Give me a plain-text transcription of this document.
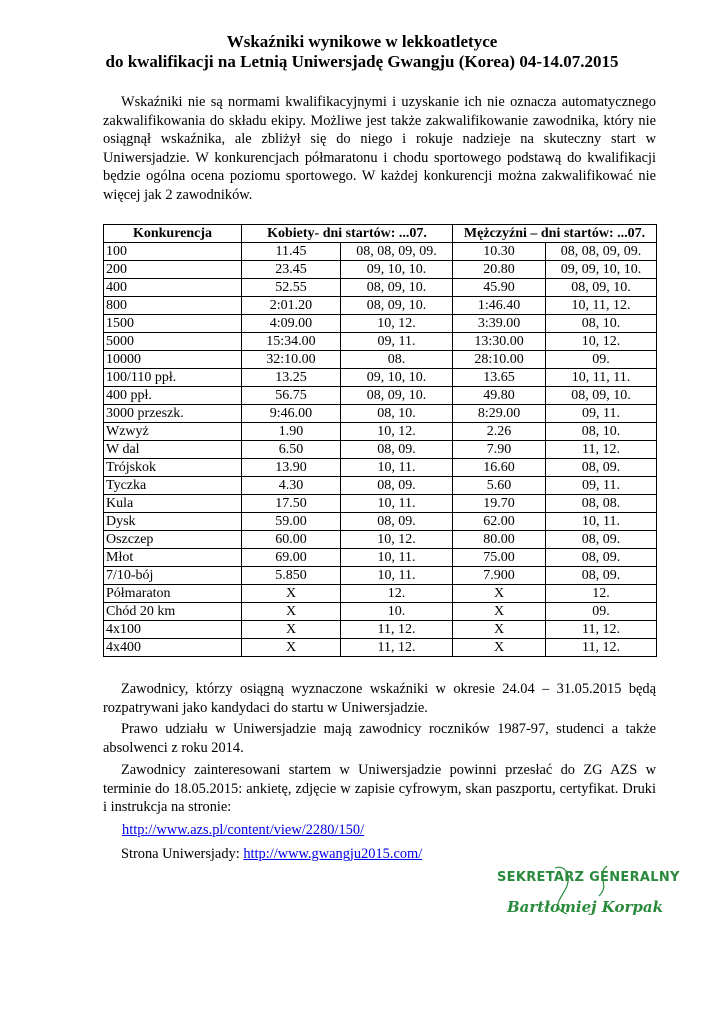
Wskaźniki wynikowe w lekkoatletyce
do kwalifikacji na Letnią Uniwersjadę Gwangju (Korea) 04-14.07.2015

Wskaźniki nie są normami kwalifikacyjnymi i uzyskanie ich nie oznacza automatycznego zakwalifikowania do składu ekipy. Możliwe jest także zakwalifikowanie zawodnika, który nie osiągnął wskaźnika, ale zbliżył się do niego i rokuje nadzieje na skuteczny start w Uniwersjadzie. W konkurencjach półmaratonu i chodu sportowego podstawą do kwalifikacji będzie ogólna ocena poziomu sportowego. W każdej konkurencji można zakwalifikować nie więcej jak 2 zawodników.

Konkurencja	Kobiety- dni startów: ...07.		Mężczyźni – dni startów: ...07.	
100	11.45	08, 08, 09, 09.	10.30	08, 08, 09, 09.
200	23.45	09, 10, 10.	20.80	09, 09, 10, 10.
400	52.55	08, 09, 10.	45.90	08, 09, 10.
800	2:01.20	08, 09, 10.	1:46.40	10, 11, 12.
1500	4:09.00	10, 12.	3:39.00	08, 10.
5000	15:34.00	09, 11.	13:30.00	10, 12.
10000	32:10.00	08.	28:10.00	09.
100/110 ppł.	13.25	09, 10, 10.	13.65	10, 11, 11.
400 ppł.	56.75	08, 09, 10.	49.80	08, 09, 10.
3000 przeszk.	9:46.00	08, 10.	8:29.00	09, 11.
Wzwyż	1.90	10, 12.	2.26	08, 10.
W dal	6.50	08, 09.	7.90	11, 12.
Trójskok	13.90	10, 11.	16.60	08, 09.
Tyczka	4.30	08, 09.	5.60	09, 11.
Kula	17.50	10, 11.	19.70	08, 08.
Dysk	59.00	08, 09.	62.00	10, 11.
Oszczep	60.00	10, 12.	80.00	08, 09.
Młot	69.00	10, 11.	75.00	08, 09.
7/10-bój	5.850	10, 11.	7.900	08, 09.
Półmaraton	X	12.	X	12.
Chód 20 km	X	10.	X	09.
4x100	X	11, 12.	X	11, 12.
4x400	X	11, 12.	X	11, 12.

Zawodnicy, którzy osiągną wyznaczone wskaźniki w okresie 24.04 – 31.05.2015 będą rozpatrywani jako kandydaci do startu w Uniwersjadzie.

Prawo udziału w Uniwersjadzie mają zawodnicy roczników 1987-97, studenci a także absolwenci z roku 2014.

Zawodnicy zainteresowani startem w Uniwersjadzie powinni przesłać do ZG AZS w terminie do 18.05.2015: ankietę, zdjęcie w zapisie cyfrowym, skan paszportu, certyfikat. Druki i instrukcja na stronie:

http://www.azs.pl/content/view/2280/150/
Strona Uniwersjady: http://www.gwangju2015.com/
SEKRETARZ GENERALNY
Bartłomiej Korpak
